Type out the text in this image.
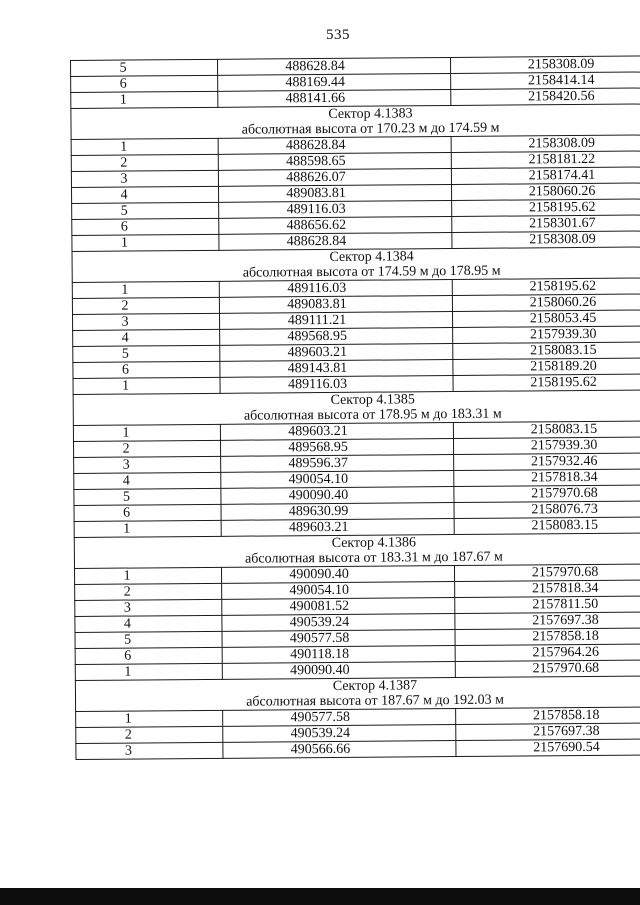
535
5	488628.84	2158308.09
6	488169.44	2158414.14
1	488141.66	2158420.56
Сектор 4.1383		
абсолютная высота от 170.23 м до 174.59 м		
1	488628.84	2158308.09
2	488598.65	2158181.22
3	488626.07	2158174.41
4	489083.81	2158060.26
5	489116.03	2158195.62
6	488656.62	2158301.67
1	488628.84	2158308.09
Сектор 4.1384		
абсолютная высота от 174.59 м до 178.95 м		
1	489116.03	2158195.62
2	489083.81	2158060.26
3	489111.21	2158053.45
4	489568.95	2157939.30
5	489603.21	2158083.15
6	489143.81	2158189.20
1	489116.03	2158195.62
Сектор 4.1385		
абсолютная высота от 178.95 м до 183.31 м		
1	489603.21	2158083.15
2	489568.95	2157939.30
3	489596.37	2157932.46
4	490054.10	2157818.34
5	490090.40	2157970.68
6	489630.99	2158076.73
1	489603.21	2158083.15
Сектор 4.1386		
абсолютная высота от 183.31 м до 187.67 м		
1	490090.40	2157970.68
2	490054.10	2157818.34
3	490081.52	2157811.50
4	490539.24	2157697.38
5	490577.58	2157858.18
6	490118.18	2157964.26
1	490090.40	2157970.68
Сектор 4.1387		
абсолютная высота от 187.67 м до 192.03 м		
1	490577.58	2157858.18
2	490539.24	2157697.38
3	490566.66	2157690.54
